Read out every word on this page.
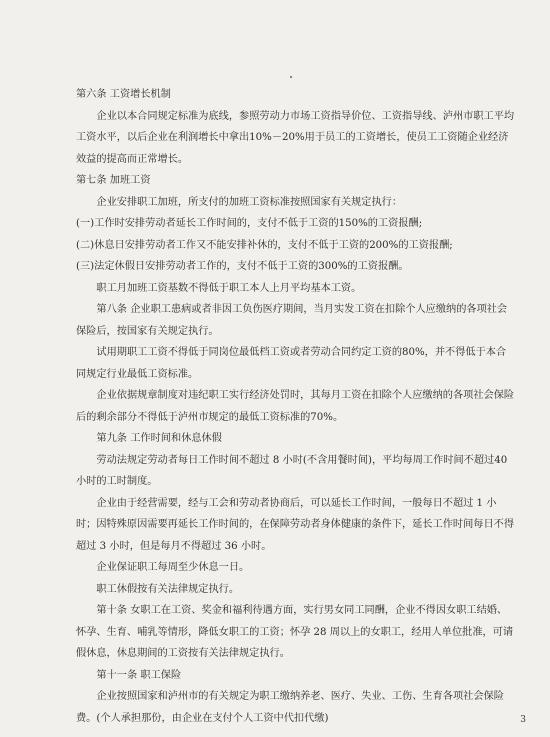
第六条 工资增长机制

企业以本合同规定标准为底线，参照劳动力市场工资指导价位、工资指导线、泸州市职工平均工资水平，以后企业在利润增长中拿出10%－20%用于员工的工资增长，使员工工资随企业经济效益的提高而正常增长。

第七条 加班工资

企业安排职工加班，所支付的加班工资标准按照国家有关规定执行：

(一)工作时安排劳动者延长工作时间的，支付不低于工资的150%的工资报酬;

(二)休息日安排劳动者工作又不能安排补休的，支付不低于工资的200%的工资报酬;

(三)法定休假日安排劳动者工作的，支付不低于工资的300%的工资报酬。

职工月加班工资基数不得低于职工本人上月平均基本工资。

第八条 企业职工患病或者非因工负伤医疗期间，当月实发工资在扣除个人应缴纳的各项社会保险后，按国家有关规定执行。

试用期职工工资不得低于同岗位最低档工资或者劳动合同约定工资的80%，并不得低于本合同规定行业最低工资标准。

企业依据规章制度对违纪职工实行经济处罚时，其每月工资在扣除个人应缴纳的各项社会保险后的剩余部分不得低于泸州市规定的最低工资标准的70%。

第九条 工作时间和休息休假

劳动法规定劳动者每日工作时间不超过 8 小时(不含用餐时间)，平均每周工作时间不超过40小时的工时制度。

企业由于经营需要，经与工会和劳动者协商后，可以延长工作时间，一般每日不超过 1 小时；因特殊原因需要再延长工作时间的，在保障劳动者身体健康的条件下，延长工作时间每日不得超过 3 小时，但是每月不得超过 36 小时。

企业保证职工每周至少休息一日。

职工休假按有关法律规定执行。

第十条 女职工在工资、奖金和福利待遇方面，实行男女同工同酬，企业不得因女职工结婚、怀孕、生育、哺乳等情形，降低女职工的工资；怀孕 28 周以上的女职工，经用人单位批准，可请假休息，休息期间的工资按有关法律规定执行。

第十一条 职工保险

企业按照国家和泸州市的有关规定为职工缴纳养老、医疗、失业、工伤、生育各项社会保险费。(个人承担那份，由企业在支付个人工资中代扣代缴)	3
